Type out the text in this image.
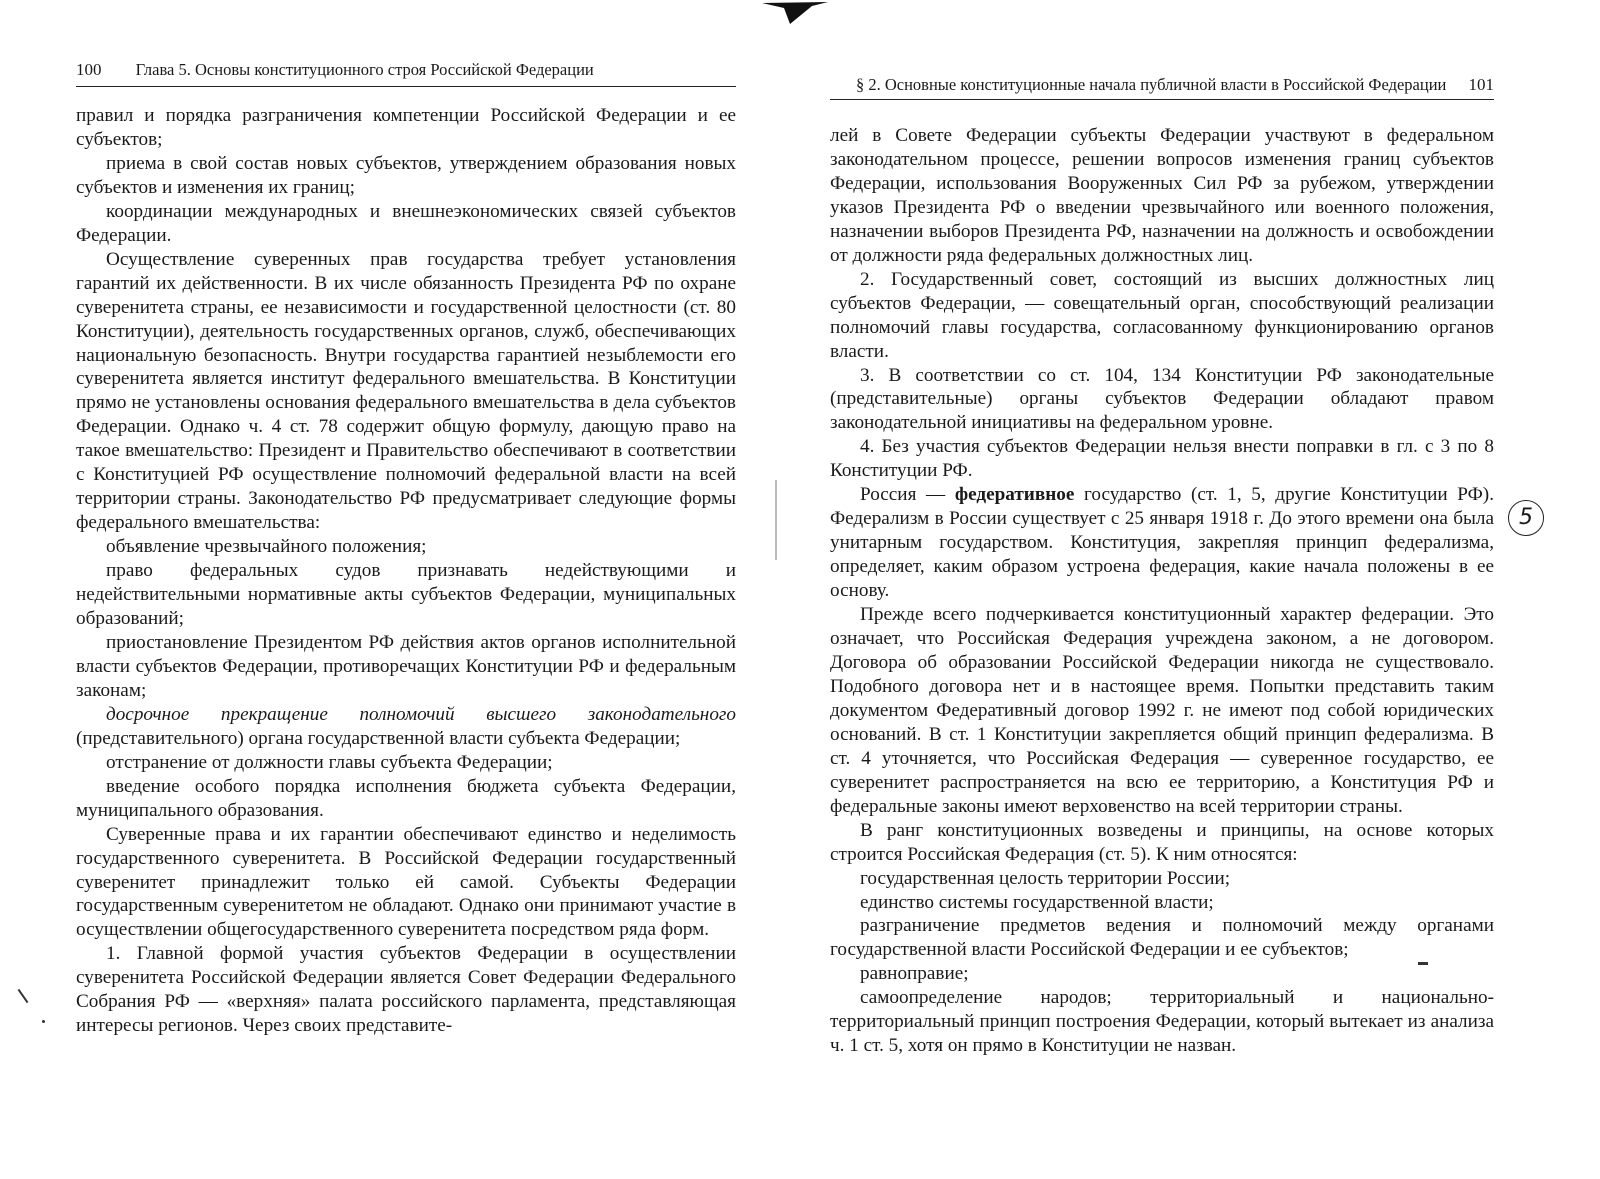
100 Глава 5. Основы конституционного строя Российской Федерации

правил и порядка разграничения компетенции Российской Федерации и ее субъектов;

приема в свой состав новых субъектов, утверждением образования новых субъектов и изменения их границ;

координации международных и внешнеэкономических связей субъектов Федерации.

Осуществление суверенных прав государства требует установления гарантий их действенности. В их числе обязанность Президента РФ по охране суверенитета страны, ее независимости и государственной целостности (ст. 80 Конституции), деятельность государственных органов, служб, обеспечивающих национальную безопасность. Внутри государства гарантией незыблемости его суверенитета является институт федерального вмешательства. В Конституции прямо не установлены основания федерального вмешательства в дела субъектов Федерации. Однако ч. 4 ст. 78 содержит общую формулу, дающую право на такое вмешательство: Президент и Правительство обеспечивают в соответствии с Конституцией РФ осуществление полномочий федеральной власти на всей территории страны. Законодательство РФ предусматривает следующие формы федерального вмешательства:

объявление чрезвычайного положения;

право федеральных судов признавать недействующими и недействительными нормативные акты субъектов Федерации, муниципальных образований;

приостановление Президентом РФ действия актов органов исполнительной власти субъектов Федерации, противоречащих Конституции РФ и федеральным законам;

досрочное прекращение полномочий высшего законодательного (представительного) органа государственной власти субъекта Федерации;

отстранение от должности главы субъекта Федерации;

введение особого порядка исполнения бюджета субъекта Федерации, муниципального образования.

Суверенные права и их гарантии обеспечивают единство и неделимость государственного суверенитета. В Российской Федерации государственный суверенитет принадлежит только ей самой. Субъекты Федерации государственным суверенитетом не обладают. Однако они принимают участие в осуществлении общегосударственного суверенитета посредством ряда форм.

1. Главной формой участия субъектов Федерации в осуществлении суверенитета Российской Федерации является Совет Федерации Федерального Собрания РФ — «верхняя» палата российского парламента, представляющая интересы регионов. Через своих представите-

§ 2. Основные конституционные начала публичной власти в Российской Федерации 101

лей в Совете Федерации субъекты Федерации участвуют в федеральном законодательном процессе, решении вопросов изменения границ субъектов Федерации, использования Вооруженных Сил РФ за рубежом, утверждении указов Президента РФ о введении чрезвычайного или военного положения, назначении выборов Президента РФ, назначении на должность и освобождении от должности ряда федеральных должностных лиц.

2. Государственный совет, состоящий из высших должностных лиц субъектов Федерации, — совещательный орган, способствующий реализации полномочий главы государства, согласованному функционированию органов власти.

3. В соответствии со ст. 104, 134 Конституции РФ законодательные (представительные) органы субъектов Федерации обладают правом законодательной инициативы на федеральном уровне.

4. Без участия субъектов Федерации нельзя внести поправки в гл. с 3 по 8 Конституции РФ.

Россия — федеративное государство (ст. 1, 5, другие Конституции РФ). Федерализм в России существует с 25 января 1918 г. До этого времени она была унитарным государством. Конституция, закрепляя принцип федерализма, определяет, каким образом устроена федерация, какие начала положены в ее основу.

Прежде всего подчеркивается конституционный характер федерации. Это означает, что Российская Федерация учреждена законом, а не договором. Договора об образовании Российской Федерации никогда не существовало. Подобного договора нет и в настоящее время. Попытки представить таким документом Федеративный договор 1992 г. не имеют под собой юридических оснований. В ст. 1 Конституции закрепляется общий принцип федерализма. В ст. 4 уточняется, что Российская Федерация — суверенное государство, ее суверенитет распространяется на всю ее территорию, а Конституция РФ и федеральные законы имеют верховенство на всей территории страны.

В ранг конституционных возведены и принципы, на основе которых строится Российская Федерация (ст. 5). К ним относятся:

государственная целость территории России;

единство системы государственной власти;

разграничение предметов ведения и полномочий между органами государственной власти Российской Федерации и ее субъектов;

равноправие;

самоопределение народов; территориальный и национально-территориальный принцип построения Федерации, который вытекает из анализа ч. 1 ст. 5, хотя он прямо в Конституции не назван.

5
